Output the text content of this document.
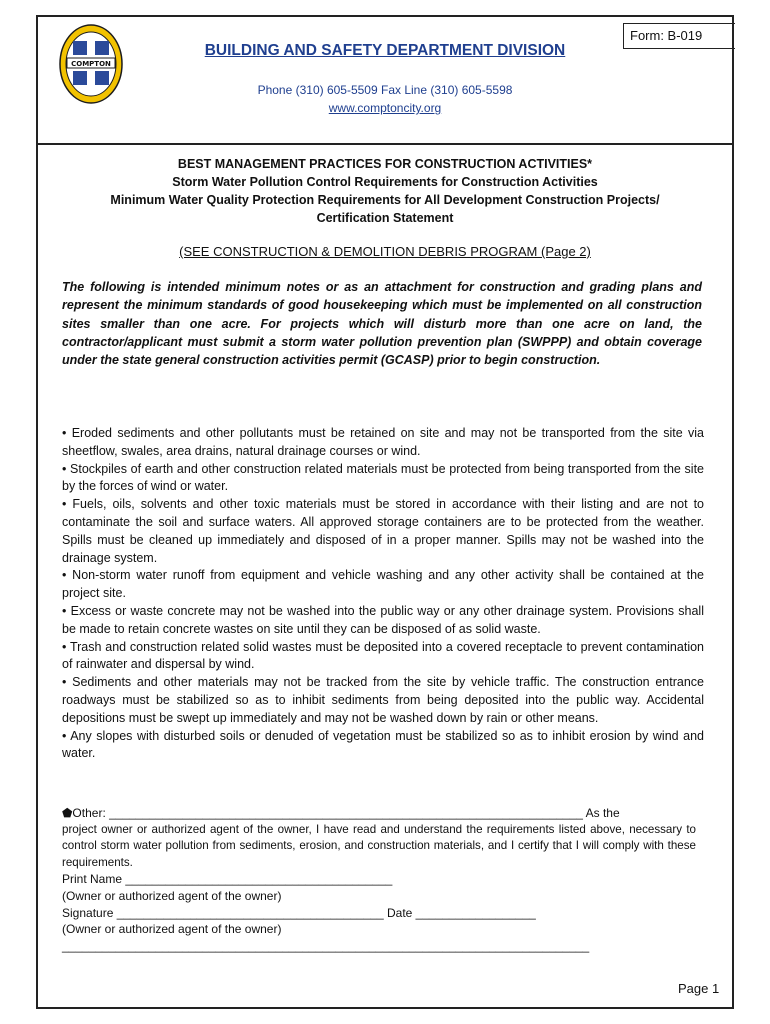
COMPTON
Form: B-019
BUILDING AND SAFETY DEPARTMENT DIVISION
Phone (310) 605-5509 Fax Line (310) 605-5598
www.comptoncity.org
BEST MANAGEMENT PRACTICES FOR CONSTRUCTION ACTIVITIES*
Storm Water Pollution Control Requirements for Construction Activities
Minimum Water Quality Protection Requirements for All Development Construction Projects/
Certification Statement
(SEE CONSTRUCTION & DEMOLITION DEBRIS PROGRAM (Page 2)
The following is intended minimum notes or as an attachment for construction and grading plans and represent the minimum standards of good housekeeping which must be implemented on all construction sites smaller than one acre. For projects which will disturb more than one acre on land, the contractor/applicant must submit a storm water pollution prevention plan (SWPPP) and obtain coverage under the state general construction activities permit (GCASP) prior to begin construction.

• Eroded sediments and other pollutants must be retained on site and may not be transported from the site via sheetflow, swales, area drains, natural drainage courses or wind.

• Stockpiles of earth and other construction related materials must be protected from being transported from the site by the forces of wind or water.

• Fuels, oils, solvents and other toxic materials must be stored in accordance with their listing and are not to contaminate the soil and surface waters. All approved storage containers are to be protected from the weather. Spills must be cleaned up immediately and disposed of in a proper manner. Spills may not be washed into the drainage system.

• Non-storm water runoff from equipment and vehicle washing and any other activity shall be contained at the project site.

• Excess or waste concrete may not be washed into the public way or any other drainage system. Provisions shall be made to retain concrete wastes on site until they can be disposed of as solid waste.

• Trash and construction related solid wastes must be deposited into a covered receptacle to prevent contamination of rainwater and dispersal by wind.

• Sediments and other materials may not be tracked from the site by vehicle traffic. The construction entrance roadways must be stabilized so as to inhibit sediments from being deposited into the public way. Accidental depositions must be swept up immediately and may not be washed down by rain or other means.

• Any slopes with disturbed soils or denuded of vegetation must be stabilized so as to inhibit erosion by wind and water.

⬟Other: _______________________________________________________________________ As the

project owner or authorized agent of the owner, I have read and understand the requirements listed above, necessary to control storm water pollution from sediments, erosion, and construction materials, and I certify that I will comply with these requirements.

Print Name ________________________________________

(Owner or authorized agent of the owner)

Signature ________________________________________ Date __________________

(Owner or authorized agent of the owner)

_______________________________________________________________________________

Page 1
